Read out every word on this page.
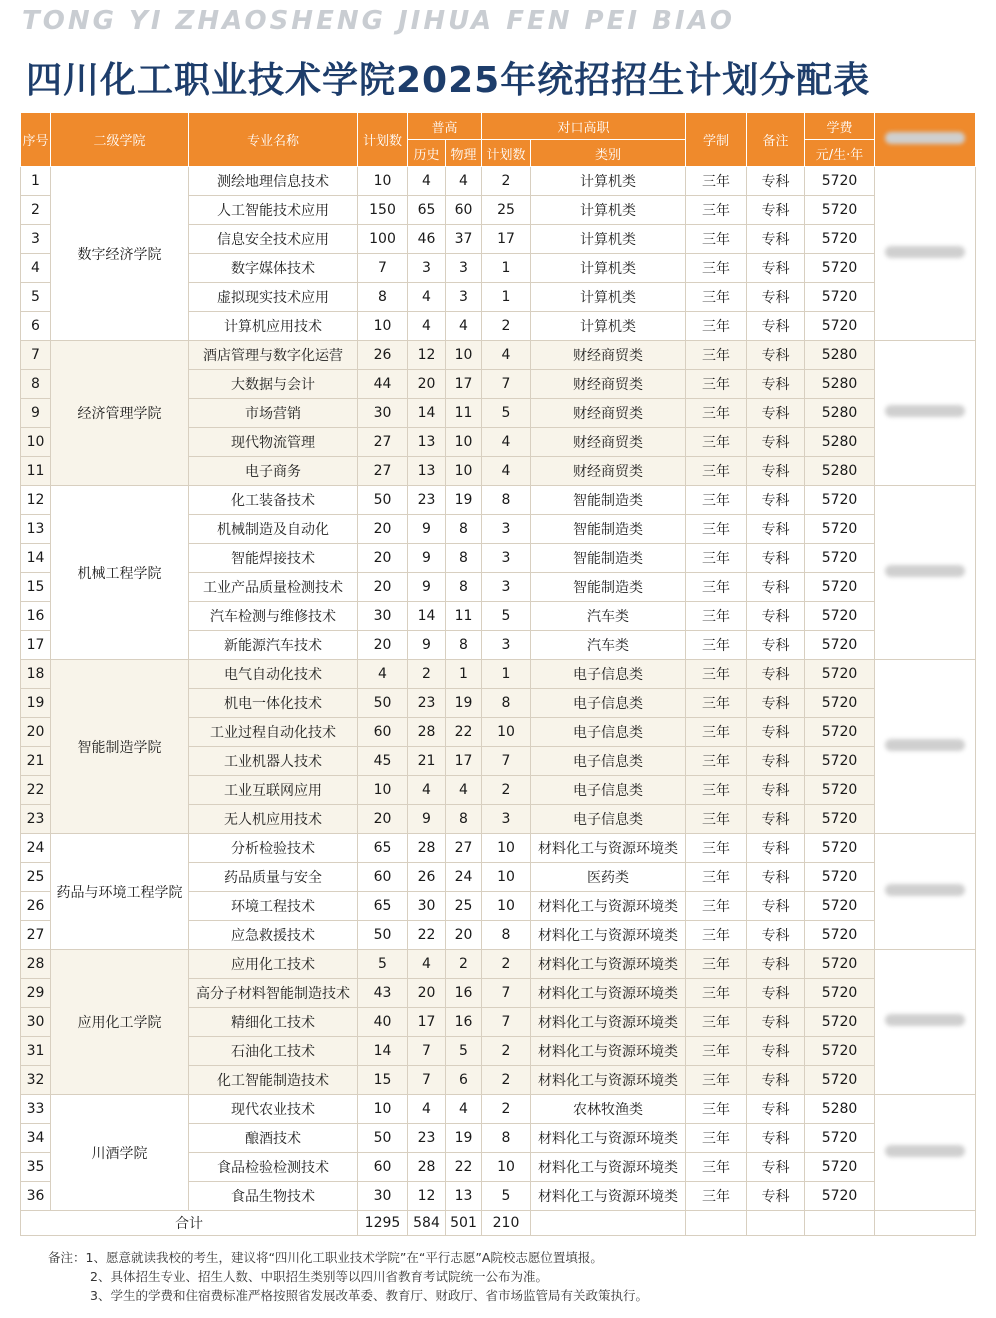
TONG YI ZHAOSHENG JIHUA FEN PEI BIAO
四川化工职业技术学院2025年统招招生计划分配表
序号	二级学院	专业名称	计划数	普高		对口高职		学制	备注	学费	
				历史	物理	计划数	类别			元/生·年	
1	数字经济学院	测绘地理信息技术	10	4	4	2	计算机类	三年	专科	5720	
2		人工智能技术应用	150	65	60	25	计算机类	三年	专科	5720	
3		信息安全技术应用	100	46	37	17	计算机类	三年	专科	5720	
4		数字媒体技术	7	3	3	1	计算机类	三年	专科	5720	
5		虚拟现实技术应用	8	4	3	1	计算机类	三年	专科	5720	
6		计算机应用技术	10	4	4	2	计算机类	三年	专科	5720	
7	经济管理学院	酒店管理与数字化运营	26	12	10	4	财经商贸类	三年	专科	5280	
8		大数据与会计	44	20	17	7	财经商贸类	三年	专科	5280	
9		市场营销	30	14	11	5	财经商贸类	三年	专科	5280	
10		现代物流管理	27	13	10	4	财经商贸类	三年	专科	5280	
11		电子商务	27	13	10	4	财经商贸类	三年	专科	5280	
12	机械工程学院	化工装备技术	50	23	19	8	智能制造类	三年	专科	5720	
13		机械制造及自动化	20	9	8	3	智能制造类	三年	专科	5720	
14		智能焊接技术	20	9	8	3	智能制造类	三年	专科	5720	
15		工业产品质量检测技术	20	9	8	3	智能制造类	三年	专科	5720	
16		汽车检测与维修技术	30	14	11	5	汽车类	三年	专科	5720	
17		新能源汽车技术	20	9	8	3	汽车类	三年	专科	5720	
18	智能制造学院	电气自动化技术	4	2	1	1	电子信息类	三年	专科	5720	
19		机电一体化技术	50	23	19	8	电子信息类	三年	专科	5720	
20		工业过程自动化技术	60	28	22	10	电子信息类	三年	专科	5720	
21		工业机器人技术	45	21	17	7	电子信息类	三年	专科	5720	
22		工业互联网应用	10	4	4	2	电子信息类	三年	专科	5720	
23		无人机应用技术	20	9	8	3	电子信息类	三年	专科	5720	
24	药品与环境工程学院	分析检验技术	65	28	27	10	材料化工与资源环境类	三年	专科	5720	
25		药品质量与安全	60	26	24	10	医药类	三年	专科	5720	
26		环境工程技术	65	30	25	10	材料化工与资源环境类	三年	专科	5720	
27		应急救援技术	50	22	20	8	材料化工与资源环境类	三年	专科	5720	
28	应用化工学院	应用化工技术	5	4	2	2	材料化工与资源环境类	三年	专科	5720	
29		高分子材料智能制造技术	43	20	16	7	材料化工与资源环境类	三年	专科	5720	
30		精细化工技术	40	17	16	7	材料化工与资源环境类	三年	专科	5720	
31		石油化工技术	14	7	5	2	材料化工与资源环境类	三年	专科	5720	
32		化工智能制造技术	15	7	6	2	材料化工与资源环境类	三年	专科	5720	
33	川酒学院	现代农业技术	10	4	4	2	农林牧渔类	三年	专科	5280	
34		酿酒技术	50	23	19	8	材料化工与资源环境类	三年	专科	5720	
35		食品检验检测技术	60	28	22	10	材料化工与资源环境类	三年	专科	5720	
36		食品生物技术	30	12	13	5	材料化工与资源环境类	三年	专科	5720	
合计			1295	584	501	210					
备注：1、愿意就读我校的考生，建议将“四川化工职业技术学院”在“平行志愿”A院校志愿位置填报。
2、具体招生专业、招生人数、中职招生类别等以四川省教育考试院统一公布为准。
3、学生的学费和住宿费标准严格按照省发展改革委、教育厅、财政厅、省市场监管局有关政策执行。
